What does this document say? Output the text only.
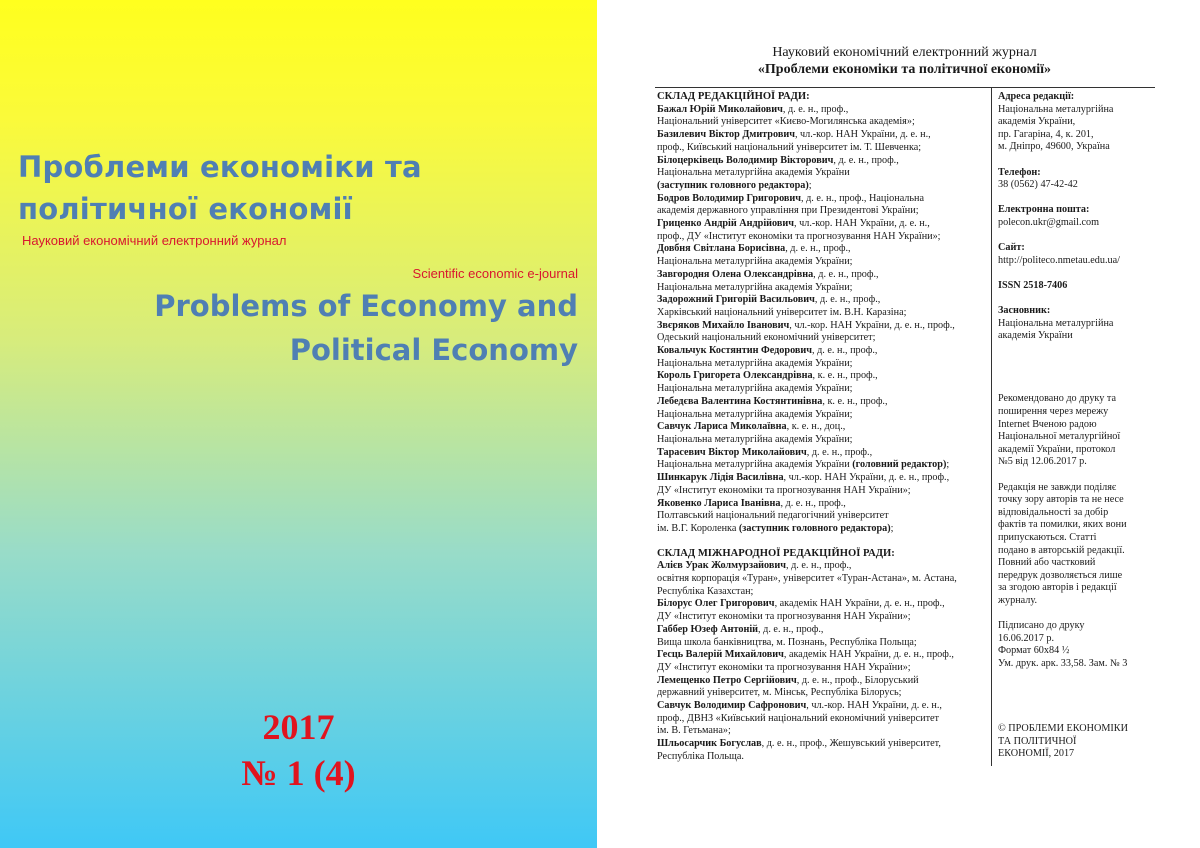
Проблеми економіки та
політичної економії
Науковий економічний електронний журнал
Scientific economic e-journal
Problems of Economy and
Political Economy
2017
№ 1 (4)
Науковий економічний електронний журнал
«Проблеми економіки та політичної економії»
СКЛАД РЕДАКЦІЙНОЇ РАДИ:
Бажал Юрій Миколайович, д. е. н., проф.,
Національний університет «Києво-Могилянська академія»;
Базилевич Віктор Дмитрович, чл.-кор. НАН України, д. е. н.,
проф., Київський національний університет ім. Т. Шевченка;
Білоцерківець Володимир Вікторович, д. е. н., проф.,
Національна металургійна академія України
(заступник головного редактора);
Бодров Володимир Григорович, д. е. н., проф., Національна
академія державного управління при Президентові України;
Гриценко Андрій Андрійович, чл.-кор. НАН України, д. е. н.,
проф., ДУ «Інститут економіки та прогнозування НАН України»;
Довбня Світлана Борисівна, д. е. н., проф.,
Національна металургійна академія України;
Завгородня Олена Олександрівна, д. е. н., проф.,
Національна металургійна академія України;
Задорожний Григорій Васильович, д. е. н., проф.,
Харківський національний університет ім. В.Н. Каразіна;
Звєряков Михайло Іванович, чл.-кор. НАН України, д. е. н., проф.,
Одеський національний економічний університет;
Ковальчук Костянтин Федорович, д. е. н., проф.,
Національна металургійна академія України;
Король Григорета Олександрівна, к. е. н., проф.,
Національна металургійна академія України;
Лебедєва Валентина Костянтинівна, к. е. н., проф.,
Національна металургійна академія України;
Савчук Лариса Миколаївна, к. е. н., доц.,
Національна металургійна академія України;
Тарасевич Віктор Миколайович, д. е. н., проф.,
Національна металургійна академія України (головний редактор);
Шинкарук Лідія Василівна, чл.-кор. НАН України, д. е. н., проф.,
ДУ «Інститут економіки та прогнозування НАН України»;
Яковенко Лариса Іванівна, д. е. н., проф.,
Полтавський національний педагогічний університет
ім. В.Г. Короленка (заступник головного редактора);
СКЛАД МІЖНАРОДНОЇ РЕДАКЦІЙНОЇ РАДИ:
Алієв Урак Жолмурзайович, д. е. н., проф.,
освітня корпорація «Туран», університет «Туран-Астана», м. Астана,
Республіка Казахстан;
Білорус Олег Григорович, академік НАН України, д. е. н., проф.,
ДУ «Інститут економіки та прогнозування НАН України»;
Габбер Юзеф Антоній, д. е. н., проф.,
Вища школа банківництва, м. Познань, Республіка Польща;
Гесць Валерій Михайлович, академік НАН України, д. е. н., проф.,
ДУ «Інститут економіки та прогнозування НАН України»;
Лемещенко Петро Сергійович, д. е. н., проф., Білоруський
державний університет, м. Мінськ, Республіка Білорусь;
Савчук Володимир Сафронович, чл.-кор. НАН України, д. е. н.,
проф., ДВНЗ «Київський національний економічний університет
ім. В. Гетьмана»;
Шльосарчик Богуслав, д. е. н., проф., Жешувський університет,
Республіка Польща.
Адреса редакції:
Національна металургійна
академія України,
пр. Гагаріна, 4, к. 201,
м. Дніпро, 49600, Україна
Телефон:
38 (0562) 47-42-42
Електронна пошта:
polecon.ukr@gmail.com
Сайт:
http://politeco.nmetau.edu.ua/
ISSN 2518-7406
Засновник:
Національна металургійна
академія України
Рекомендовано до друку та
поширення через мережу
Internet Вченою радою
Національної металургійної
академії України, протокол
№5 від 12.06.2017 р.
Редакція не завжди поділяє
точку зору авторів та не несе
відповідальності за добір
фактів та помилки, яких вони
припускаються. Статті
подано в авторській редакції.
Повний або частковий
передрук дозволяється лише
за згодою авторів і редакції
журналу.
Підписано до друку
16.06.2017 р.
Формат 60х84 ½
Ум. друк. арк. 33,58. Зам. № 3
© ПРОБЛЕМИ ЕКОНОМІКИ
ТА ПОЛІТИЧНОЇ
ЕКОНОМІЇ, 2017
